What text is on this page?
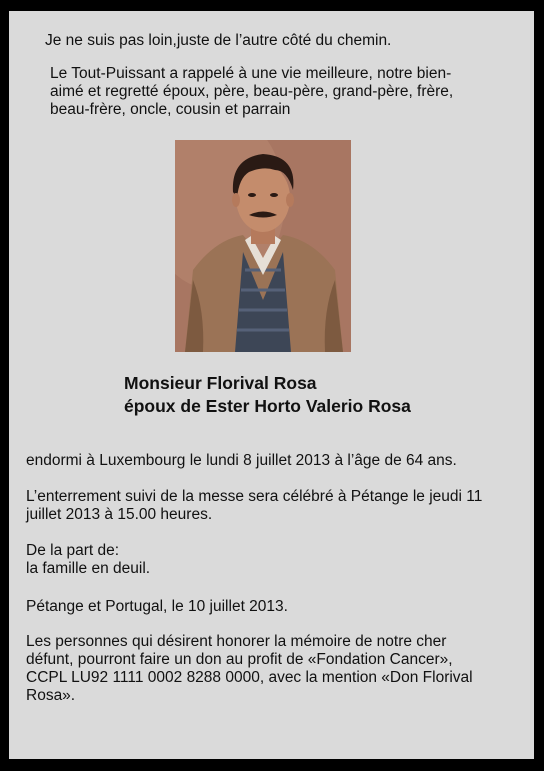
Je ne suis pas loin,juste de l’autre côté du chemin.

Le Tout-Puissant a rappelé à une vie meilleure, notre bien-
aimé et regretté époux, père, beau-père, grand-père, frère,
beau-frère, oncle, cousin et parrain

Monsieur Florival Rosa

époux de Ester Horto Valerio Rosa

endormi à Luxembourg le lundi 8 juillet 2013 à l’âge de 64 ans.

L’enterrement suivi de la messe sera célébré à Pétange le jeudi 11
juillet 2013 à 15.00 heures.

De la part de:
la famille en deuil.

Pétange et Portugal, le 10 juillet 2013.

Les personnes qui désirent honorer la mémoire de notre cher
défunt, pourront faire un don au profit de «Fondation Cancer»,
CCPL LU92 1111 0002 8288 0000, avec la mention «Don Florival
Rosa».
